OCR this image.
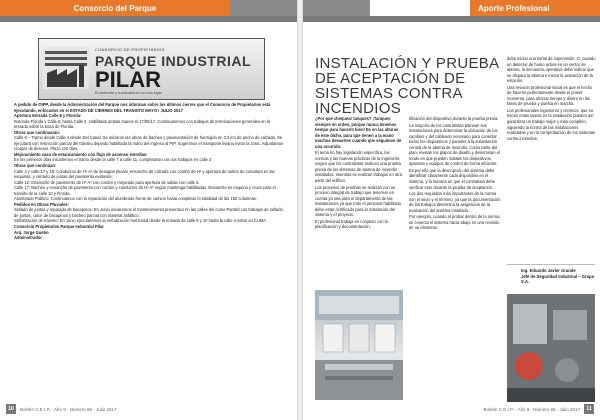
Consorcio del Parque
CONSORCIO DE PROPIETARIOS
PARQUE INDUSTRIAL
PILAR
El ambiente y la industria en un solo lugar.

A pedido de OIPP, desde la Administración del Parque nos informan sobre los últimos cierres que el Consorcio de Propietarios está ejecutando, enfocados en el ESTADO DE CIERRES DEL TRANSITO MAYO / JULIO 2017

Apertura Entrada Calle 8 y Florida:

Rotonda Florida y Calle 8, hasta Calle 4. Habilitada ambas manos el 17/05/17. Continuaremos con trabajos de terminaciones generales en la entrada sobre la traza de Florida.

Obras que continuarán:

Calle 8 – Tramo desde Calle 4 desde Del Canal: Se iniciaron las obras de bacheo y pavimentación de hormigón en 3,2 km de ancho de calzada. Se ejecutará con restricción parcial del tránsito dejando habilitada la mano del ingreso al PIP. Sugerimos el transporte liviano evitar la zona. Adjuntamos croquis de desvíos. Plazo 110 días.

Mejoramiento vaso de estancamiento con flujo de ascenso estrellas:

En los primeros días iniciaremos el tramo desde la calle 7 a calle 11, completando con los trabajos en calle 3.

Obras que continúan:

Calle 3 y calle 17 y 18: Conductos de Hº Aº de desagüe pluvial, ensanche de calzada con cordón de Hº y apertura de radios de curvatura en las esquinas, y cerrado de juntas del pavimento existente.

Calle 12: Ensanche de pavimento de Hº Aº con cordón y mejorado para apertura de salida con calle 5.

Calle 17: Bacheo y ensanche de pavimento con cordón y conductos de Hº Aº según mantenga habilitadas. Ensanche en esquina y cruce para el tránsito de la calle 10 y Florida.

Alumbrado Público: Continuamos con la reparación del alumbrado frente de camino hasta completar la totalidad de las 150 columnas.

Pedidos en Obras Pluviales:

Sellado de juntas y reparado de bacapinos: En Junio iniciaremos el mantenimiento preventivo en las calles del curso Pantrid con trabajos de sellado de juntas, calce de bacapinos y bacheo parcial con material asfáltico.

Señalización de tránsito: En Junio ejecutaremos la señalización horizontal desde la entrada de calle 8 y 10 hasta la calle 4 sobre su CUMA.

Consorcio Propietarios Parque Industrial Pilar

Arq. Jorge Guebo

Administrador

10	Boletín C.E.I.P. · Año 9 · Número 86 · Julio 2017
Aporte Profesional
INSTALACIÓN Y PRUEBA DE ACEPTACIÓN DE SISTEMAS CONTRA INCENDIOS

¿Por qué chequear tanques? ¡Tanques siempre en orden, porque nunca tenemos tiempo para hacerlo bien! Es en las alturas de este dicho, para que tienen a la mano muchos desastres cuando que seguimos de una ocurrido.

El tema no hay legislación específica, las normas y las buenas prácticas de la ingeniería exigen que los contratistas realicen una prueba previa de los sistemas de alarma de incendio instalados, mientras se realizan trabajos en otra parte del edificio.

Los procesos de pruebas se realizan con un proceso integral de trabajo que tenemos en cuenta ya sea para el departamento de las instalaciones ya que todo el personal habilitado debe estar certificado para la instalación del sistema y el proyecto.

El profesional trabaja en conjunto con la planificación y documentación.

tificación del dispositivo durante la prueba previa.

La mayoría de los contratistas planean sus instalaciones para determinar la ubicación de los cambios y del cableado necesario para conectar todos los dispositivos y paneles a la subestación central de la alarma de incendio. Como parte del plan, revisan los planos de diseño y determinan el modo en que pueden instalar los dispositivos, aparatos y equipos de control de forma eficiente.

Es por ello que la descripción del sistema debe identificar claramente cada dispositivo en el sistema, y la manera en que el contratista debe verificar esto durante la prueba de aceptación.

Los dos requisitos más importantes de la norma son el inicio y el término, ya que la documentación de los trabajos determina la asignación de la evaluación del sistema instalado.

Por ejemplo, cuando al probar dentro de la norma, se conecta el sistema hacia abajo en una revisión de un elemento.

debe iniciar una señal de supervisión. O, cuando un detector de humo activa en un sector de alarma, la secuencia operativa debe indicar que se dispara la alarma e iniciar la activación de la estación.

Una revisión profesional inicial es que el hecho de hacerlo perfectamente desde el primer momento, para ahorrar tiempo y dinero en las fases de prueba y puesta en marcha.

Los profesionales ingenieros y técnicos, que no hacen estas tareas en la instalación pueden así garantizar un trabajo mejor y más completo, siguiendo la norma de las instalaciones realizadas y en la comprobación de los sistemas contra incendios.

Ing. Eduardo Javier Grande
Jefe de Seguridad Industrial – Grupo S.A.
Boletín C.E.I.P. · Año 9 · Número 86 · Julio 2017	11
